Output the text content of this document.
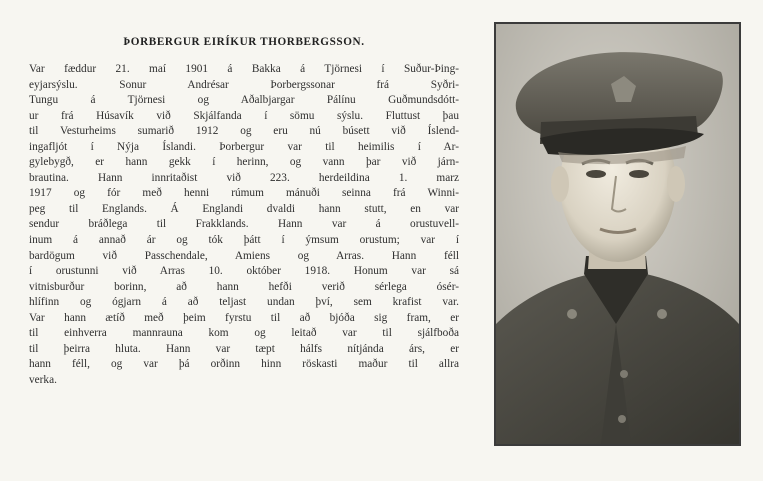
ÞORBERGUR EIRÍKUR THORBERGSSON.
Var fæddur 21. maí 1901 á Bakka á Tjörnesi í Suður-Þing-
eyjarsýslu. Sonur Andrésar Þorbergssonar frá Syðri-
Tungu á Tjörnesi og Aðalbjargar Pálínu Guðmundsdótt-
ur frá Húsavík við Skjálfanda í sömu sýslu. Fluttust þau
til Vesturheims sumarið 1912 og eru nú búsett við Íslend-
ingafljót í Nýja Íslandi. Þorbergur var til heimilis í Ar-
gylebygð, er hann gekk í herinn, og vann þar við járn-
brautina. Hann innritaðist við 223. herdeildina 1. marz
1917 og fór með henni rúmum mánuði seinna frá Winni-
peg til Englands. Á Englandi dvaldi hann stutt, en var
sendur bráðlega til Frakklands. Hann var á orustuvell-
inum á annað ár og tók þátt í ýmsum orustum; var í
bardögum við Passchendale, Amiens og Arras. Hann féll
í orustunni við Arras 10. október 1918. Honum var sá
vitnisburður borinn, að hann hefði verið sérlega ósér-
hlífinn og ógjarn á að teljast undan því, sem krafist var.
Var hann ætíð með þeim fyrstu til að bjóða sig fram, er
til einhverra mannrauna kom og leitað var til sjálfboða
til þeirra hluta. Hann var tæpt hálfs nítjánda árs, er
hann féll, og var þá orðinn hinn röskasti maður til allra
verka.
